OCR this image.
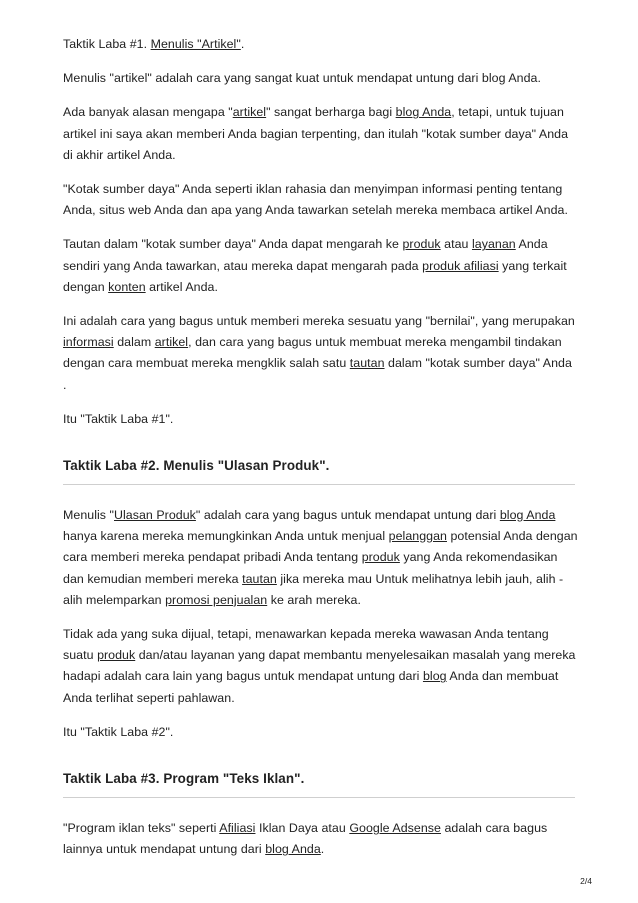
Taktik Laba #1. Menulis "Artikel".

Menulis "artikel" adalah cara yang sangat kuat untuk mendapat untung dari blog Anda.

Ada banyak alasan mengapa "artikel" sangat berharga bagi blog Anda, tetapi, untuk tujuan artikel ini saya akan memberi Anda bagian terpenting, dan itulah "kotak sumber daya" Anda di akhir artikel Anda.

"Kotak sumber daya" Anda seperti iklan rahasia dan menyimpan informasi penting tentang Anda, situs web Anda dan apa yang Anda tawarkan setelah mereka membaca artikel Anda.

Tautan dalam "kotak sumber daya" Anda dapat mengarah ke produk atau layanan Anda sendiri yang Anda tawarkan, atau mereka dapat mengarah pada produk afiliasi yang terkait dengan konten artikel Anda.

Ini adalah cara yang bagus untuk memberi mereka sesuatu yang "bernilai", yang merupakan informasi dalam artikel, dan cara yang bagus untuk membuat mereka mengambil tindakan dengan cara membuat mereka mengklik salah satu tautan dalam "kotak sumber daya" Anda .

Itu "Taktik Laba #1".

Taktik Laba #2. Menulis "Ulasan Produk".

Menulis "Ulasan Produk" adalah cara yang bagus untuk mendapat untung dari blog Anda hanya karena mereka memungkinkan Anda untuk menjual pelanggan potensial Anda dengan cara memberi mereka pendapat pribadi Anda tentang produk yang Anda rekomendasikan dan kemudian memberi mereka tautan jika mereka mau Untuk melihatnya lebih jauh, alih -alih melemparkan promosi penjualan ke arah mereka.

Tidak ada yang suka dijual, tetapi, menawarkan kepada mereka wawasan Anda tentang suatu produk dan/atau layanan yang dapat membantu menyelesaikan masalah yang mereka hadapi adalah cara lain yang bagus untuk mendapat untung dari blog Anda dan membuat Anda terlihat seperti pahlawan.

Itu "Taktik Laba #2".

Taktik Laba #3. Program "Teks Iklan".

"Program iklan teks" seperti Afiliasi Iklan Daya atau Google Adsense adalah cara bagus lainnya untuk mendapat untung dari blog Anda.

2/4
